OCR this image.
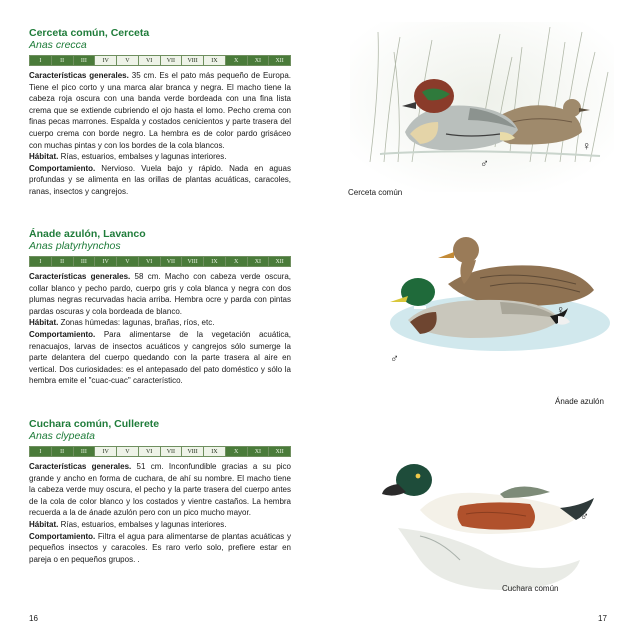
Cerceta común, Cerceta

Anas crecca

I	II	III	IV	V	VI	VII	VIII	IX	X	XI	XII

Características generales. 35 cm. Es el pato más pequeño de Europa. Tiene el pico corto y una marca alar branca y negra. El macho tiene la cabeza roja oscura con una banda verde bordeada con una fina lista crema que se extiende cubriendo el ojo hasta el lomo. Pecho crema con finas pecas marrones. Espalda y costados cenicientos y parte trasera del cuerpo crema con borde negro. La hembra es de color pardo grisáceo con muchas pintas y con los bordes de la cola blancos.
Hábitat. Rías, estuarios, embalses y lagunas interiores.
Comportamiento. Nervioso. Vuela bajo y rápido. Nada en aguas profundas y se alimenta en las orillas de plantas acuáticas, caracoles, ranas, insectos y cangrejos.

Ánade azulón, Lavanco

Anas platyrhynchos

I	II	III	IV	V	VI	VII	VIII	IX	X	XI	XII

Características generales. 58 cm. Macho con cabeza verde oscura, collar blanco y pecho pardo, cuerpo gris y cola blanca y negra con dos plumas negras recurvadas hacia arriba. Hembra ocre y parda con pintas pardas oscuras y cola bordeada de blanco.
Hábitat. Zonas húmedas: lagunas, brañas, ríos, etc.
Comportamiento. Para alimentarse de la vegetación acuática, renacuajos, larvas de insectos acuáticos y cangrejos sólo sumerge la parte delantera del cuerpo quedando con la parte trasera al aire en vertical. Dos curiosidades: es el antepasado del pato doméstico y sólo la hembra emite el "cuac-cuac" característico.

Cuchara común, Cullerete

Anas clypeata

I	II	III	IV	V	VI	VII	VIII	IX	X	XI	XII

Características generales. 51 cm. Inconfundible gracias a su pico grande y ancho en forma de cuchara, de ahí su nombre. El macho tiene la cabeza verde muy oscura, el pecho y la parte trasera del cuerpo antes de la cola de color blanco y los costados y vientre castaños. La hembra recuerda a la de ánade azulón pero con un pico mucho mayor.
Hábitat. Rías, estuarios, embalses y lagunas interiores.
Comportamiento. Filtra el agua para alimentarse de plantas acuáticas y pequeños insectos y caracoles. Es raro verlo solo, prefiere estar en pareja o en pequeños grupos. .

♂
♀
Cerceta común
♂
♀
Ánade azulón
♂
Cuchara común
16	17
